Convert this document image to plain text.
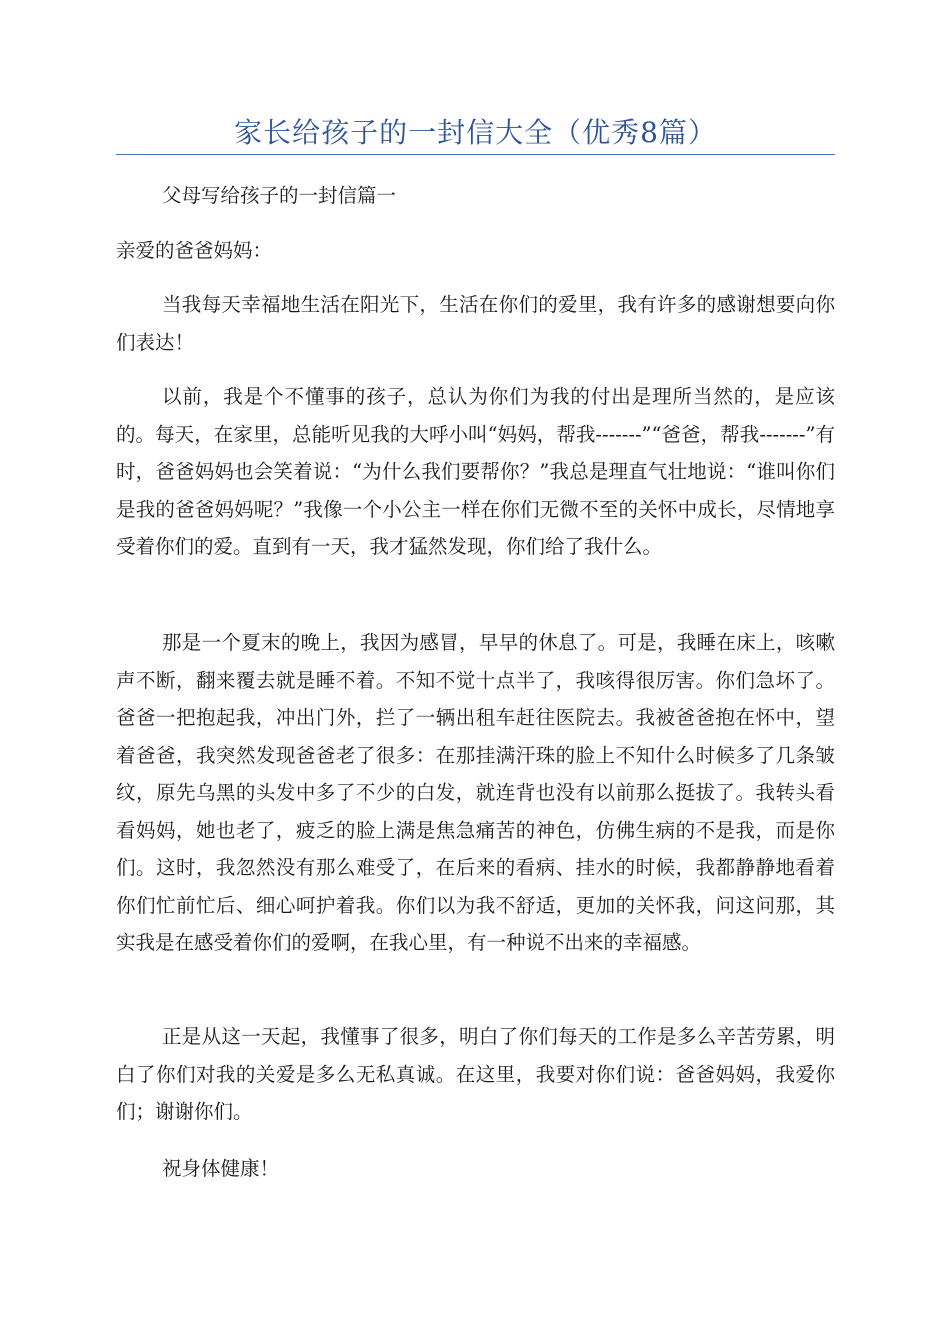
家长给孩子的一封信大全（优秀8篇）
父母写给孩子的一封信篇一

亲爱的爸爸妈妈：

当我每天幸福地生活在阳光下，生活在你们的爱里，我有许多的感谢想要向你们表达！

以前，我是个不懂事的孩子，总认为你们为我的付出是理所当然的，是应该的。每天，在家里，总能听见我的大呼小叫“妈妈，帮我-------”“爸爸，帮我-------”有时，爸爸妈妈也会笑着说：“为什么我们要帮你？”我总是理直气壮地说：“谁叫你们是我的爸爸妈妈呢？”我像一个小公主一样在你们无微不至的关怀中成长，尽情地享受着你们的爱。直到有一天，我才猛然发现，你们给了我什么。

那是一个夏末的晚上，我因为感冒，早早的休息了。可是，我睡在床上，咳嗽声不断，翻来覆去就是睡不着。不知不觉十点半了，我咳得很厉害。你们急坏了。爸爸一把抱起我，冲出门外，拦了一辆出租车赶往医院去。我被爸爸抱在怀中，望着爸爸，我突然发现爸爸老了很多：在那挂满汗珠的脸上不知什么时候多了几条皱纹，原先乌黑的头发中多了不少的白发，就连背也没有以前那么挺拔了。我转头看看妈妈，她也老了，疲乏的脸上满是焦急痛苦的神色，仿佛生病的不是我，而是你们。这时，我忽然没有那么难受了，在后来的看病、挂水的时候，我都静静地看着你们忙前忙后、细心呵护着我。你们以为我不舒适，更加的关怀我，问这问那，其实我是在感受着你们的爱啊，在我心里，有一种说不出来的幸福感。

正是从这一天起，我懂事了很多，明白了你们每天的工作是多么辛苦劳累，明白了你们对我的关爱是多么无私真诚。在这里，我要对你们说：爸爸妈妈，我爱你们；谢谢你们。

祝身体健康！
